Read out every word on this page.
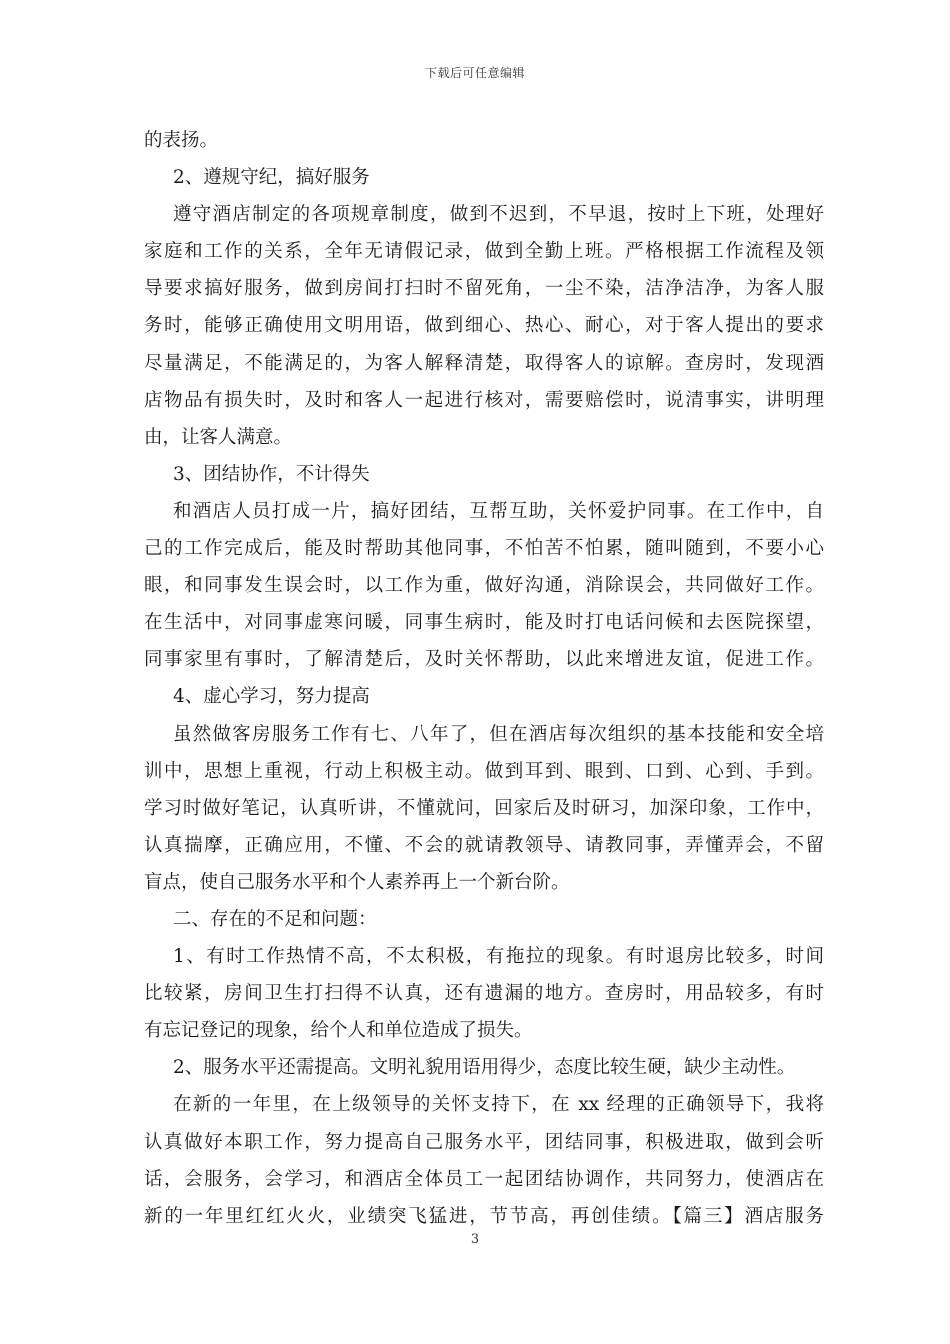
下载后可任意编辑
的表扬。
2、遵规守纪，搞好服务
遵守酒店制定的各项规章制度，做到不迟到，不早退，按时上下班，处理好
家庭和工作的关系，全年无请假记录，做到全勤上班。严格根据工作流程及领
导要求搞好服务，做到房间打扫时不留死角，一尘不染，洁净洁净，为客人服
务时，能够正确使用文明用语，做到细心、热心、耐心，对于客人提出的要求
尽量满足，不能满足的，为客人解释清楚，取得客人的谅解。查房时，发现酒
店物品有损失时，及时和客人一起进行核对，需要赔偿时，说清事实，讲明理
由，让客人满意。
3、团结协作，不计得失
和酒店人员打成一片，搞好团结，互帮互助，关怀爱护同事。在工作中，自
己的工作完成后，能及时帮助其他同事，不怕苦不怕累，随叫随到，不要小心
眼，和同事发生误会时，以工作为重，做好沟通，消除误会，共同做好工作。
在生活中，对同事虚寒问暖，同事生病时，能及时打电话问候和去医院探望，
同事家里有事时，了解清楚后，及时关怀帮助，以此来增进友谊，促进工作。
4、虚心学习，努力提高
虽然做客房服务工作有七、八年了，但在酒店每次组织的基本技能和安全培
训中，思想上重视，行动上积极主动。做到耳到、眼到、口到、心到、手到。
学习时做好笔记，认真听讲，不懂就问，回家后及时研习，加深印象，工作中，
认真揣摩，正确应用，不懂、不会的就请教领导、请教同事，弄懂弄会，不留
盲点，使自己服务水平和个人素养再上一个新台阶。
二、存在的不足和问题：
1、有时工作热情不高，不太积极，有拖拉的现象。有时退房比较多，时间
比较紧，房间卫生打扫得不认真，还有遗漏的地方。查房时，用品较多，有时
有忘记登记的现象，给个人和单位造成了损失。
2、服务水平还需提高。文明礼貌用语用得少，态度比较生硬，缺少主动性。
在新的一年里，在上级领导的关怀支持下，在 xx 经理的正确领导下，我将
认真做好本职工作，努力提高自己服务水平，团结同事，积极进取，做到会听
话，会服务，会学习，和酒店全体员工一起团结协调作，共同努力，使酒店在
新的一年里红红火火，业绩突飞猛进，节节高，再创佳绩。【篇三】酒店服务
3
